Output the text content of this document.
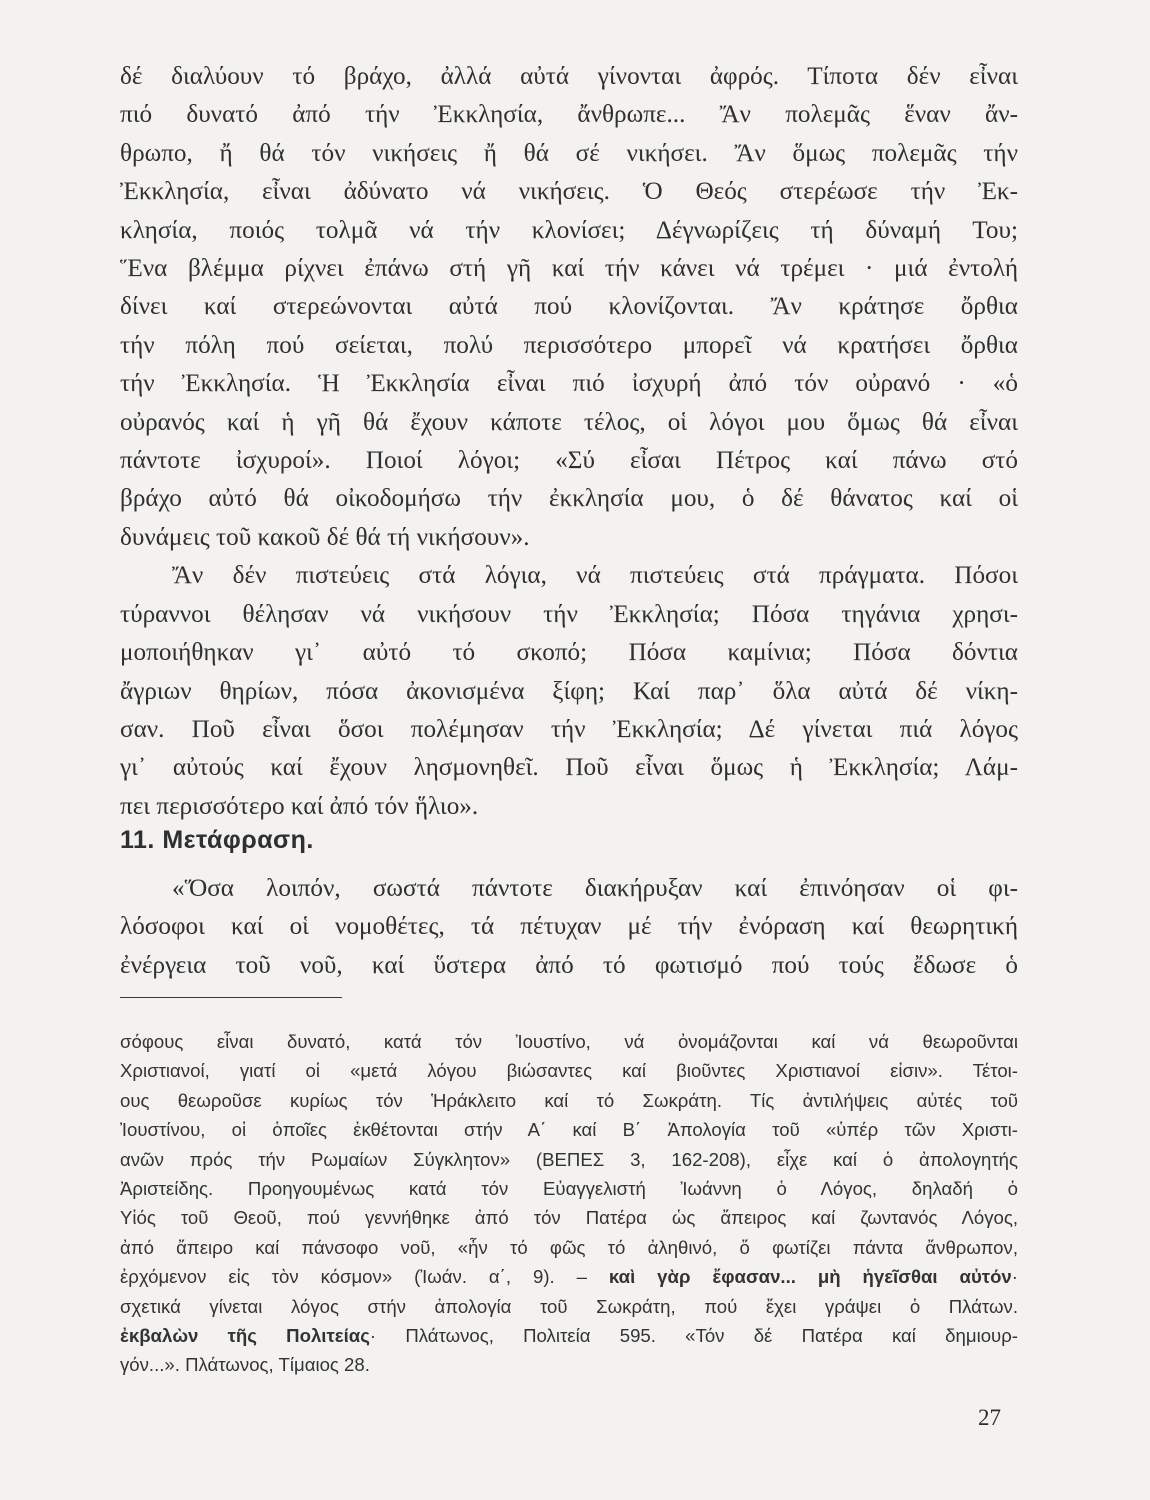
δέ διαλύουν τό βράχο, ἀλλά αὐτά γίνονται ἀφρός. Τίποτα δέν εἶναι
πιό δυνατό ἀπό τήν Ἐκκλησία, ἄνθρωπε... Ἄν πολεμᾶς ἕναν ἄν-
θρωπο, ἤ θά τόν νικήσεις ἤ θά σέ νικήσει. Ἄν ὅμως πολεμᾶς τήν
Ἐκκλησία, εἶναι ἀδύνατο νά νικήσεις. Ὁ Θεός στερέωσε τήν Ἐκ-
κλησία, ποιός τολμᾶ νά τήν κλονίσει; Δέγνωρίζεις τή δύναμή Του;
Ἕνα βλέμμα ρίχνει ἐπάνω στή γῆ καί τήν κάνει νά τρέμει · μιά ἐντολή
δίνει καί στερεώνονται αὐτά πού κλονίζονται. Ἄν κράτησε ὄρθια
τήν πόλη πού σείεται, πολύ περισσότερο μπορεῖ νά κρατήσει ὄρθια
τήν Ἐκκλησία. Ἡ Ἐκκλησία εἶναι πιό ἰσχυρή ἀπό τόν οὐρανό · «ὁ
οὐρανός καί ἡ γῆ θά ἔχουν κάποτε τέλος, οἱ λόγοι μου ὅμως θά εἶναι
πάντοτε ἰσχυροί». Ποιοί λόγοι; «Σύ εἶσαι Πέτρος καί πάνω στό
βράχο αὐτό θά οἰκοδομήσω τήν ἐκκλησία μου, ὁ δέ θάνατος καί οἱ
δυνάμεις τοῦ κακοῦ δέ θά τή νικήσουν».
Ἄν δέν πιστεύεις στά λόγια, νά πιστεύεις στά πράγματα. Πόσοι
τύραννοι θέλησαν νά νικήσουν τήν Ἐκκλησία; Πόσα τηγάνια χρησι-
μοποιήθηκαν γι᾽ αὐτό τό σκοπό; Πόσα καμίνια; Πόσα δόντια
ἄγριων θηρίων, πόσα ἀκονισμένα ξίφη; Καί παρ᾽ ὅλα αὐτά δέ νίκη-
σαν. Ποῦ εἶναι ὅσοι πολέμησαν τήν Ἐκκλησία; Δέ γίνεται πιά λόγος
γι᾽ αὐτούς καί ἔχουν λησμονηθεῖ. Ποῦ εἶναι ὅμως ἡ Ἐκκλησία; Λάμ-
πει περισσότερο καί ἀπό τόν ἥλιο».
11. Μετάφραση.
«Ὅσα λοιπόν, σωστά πάντοτε διακήρυξαν καί ἐπινόησαν οἱ φι-
λόσοφοι καί οἱ νομοθέτες, τά πέτυχαν μέ τήν ἐνόραση καί θεωρητική
ἐνέργεια τοῦ νοῦ, καί ὕστερα ἀπό τό φωτισμό πού τούς ἔδωσε ὁ
σόφους εἶναι δυνατό, κατά τόν Ἰουστίνο, νά ὀνομάζονται καί νά θεωροῦνται
Χριστιανοί, γιατί οἱ «μετά λόγου βιώσαντες καί βιοῦντες Χριστιανοί εἰσιν». Τέτοι-
ους θεωροῦσε κυρίως τόν Ἡράκλειτο καί τό Σωκράτη. Τίς ἀντιλήψεις αὐτές τοῦ
Ἰουστίνου, οἱ ὁποῖες ἐκθέτονται στήν Α΄ καί Β΄ Ἀπολογία τοῦ «ὑπέρ τῶν Χριστι-
ανῶν πρός τήν Ρωμαίων Σύγκλητον» (ΒΕΠΕΣ 3, 162-208), εἶχε καί ὁ ἀπολογητής
Ἀριστείδης. Προηγουμένως κατά τόν Εὐαγγελιστή Ἰωάννη ὁ Λόγος, δηλαδή ὁ
Υἱός τοῦ Θεοῦ, πού γεννήθηκε ἀπό τόν Πατέρα ὡς ἄπειρος καί ζωντανός Λόγος,
ἀπό ἄπειρο καί πάνσοφο νοῦ, «ἦν τό φῶς τό ἀληθινό, ὅ φωτίζει πάντα ἄνθρωπον,
ἐρχόμενον εἰς τὸν κόσμον» (Ἰωάν. α΄, 9). – καὶ γὰρ ἔφασαν... μὴ ἡγεῖσθαι αὐτόν·
σχετικά γίνεται λόγος στήν ἀπολογία τοῦ Σωκράτη, πού ἔχει γράψει ὁ Πλάτων.
ἐκβαλὼν τῆς Πολιτείας· Πλάτωνος, Πολιτεία 595. «Τόν δέ Πατέρα καί δημιουρ-
γόν...». Πλάτωνος, Τίμαιος 28.
27
